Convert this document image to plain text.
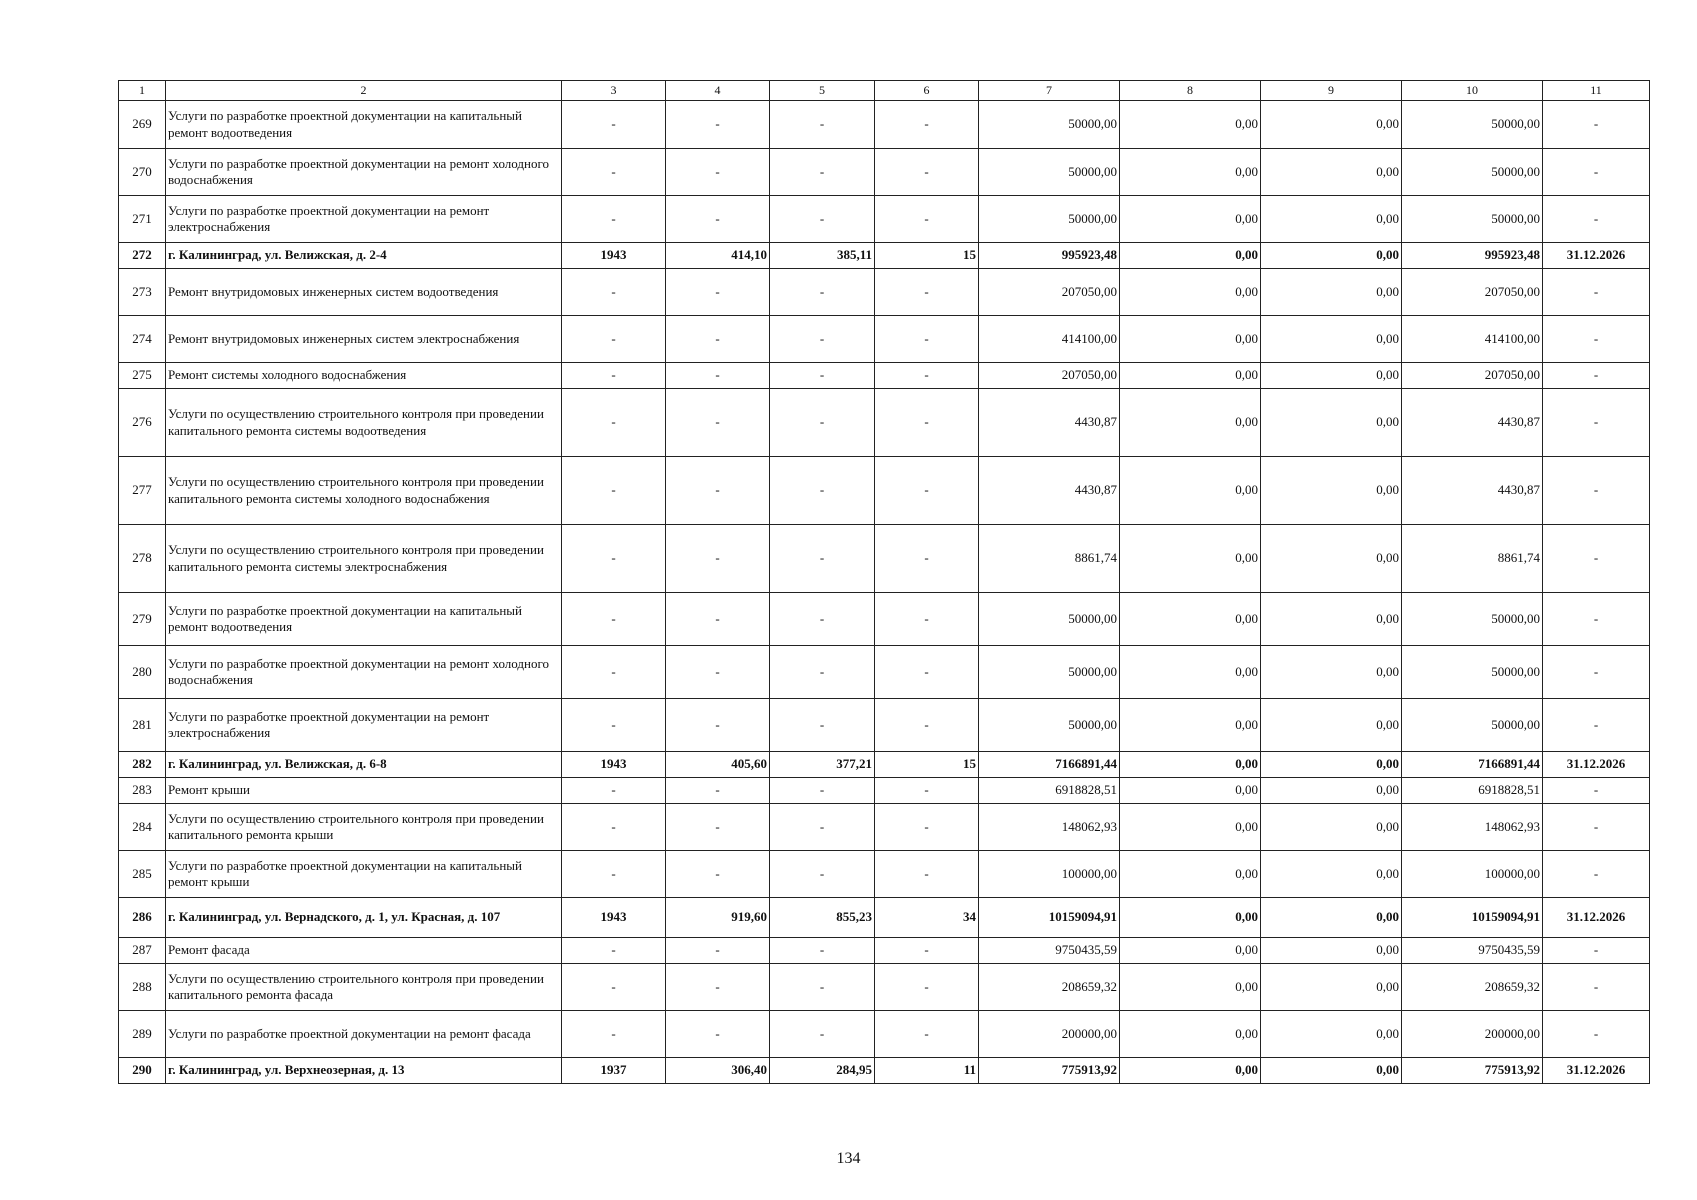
1	2	3	4	5	6	7	8	9	10	11
269	Услуги по разработке проектной документации на капитальный ремонт водоотведения	-	-	-	-	50000,00	0,00	0,00	50000,00	-
270	Услуги по разработке проектной документации на ремонт холодного водоснабжения	-	-	-	-	50000,00	0,00	0,00	50000,00	-
271	Услуги по разработке проектной документации на ремонт электроснабжения	-	-	-	-	50000,00	0,00	0,00	50000,00	-
272	г. Калининград, ул. Велижская, д. 2-4	1943	414,10	385,11	15	995923,48	0,00	0,00	995923,48	31.12.2026
273	Ремонт внутридомовых инженерных систем водоотведения	-	-	-	-	207050,00	0,00	0,00	207050,00	-
274	Ремонт внутридомовых инженерных систем электроснабжения	-	-	-	-	414100,00	0,00	0,00	414100,00	-
275	Ремонт системы холодного водоснабжения	-	-	-	-	207050,00	0,00	0,00	207050,00	-
276	Услуги по осуществлению строительного контроля при проведении капитального ремонта системы водоотведения	-	-	-	-	4430,87	0,00	0,00	4430,87	-
277	Услуги по осуществлению строительного контроля при проведении капитального ремонта системы холодного водоснабжения	-	-	-	-	4430,87	0,00	0,00	4430,87	-
278	Услуги по осуществлению строительного контроля при проведении капитального ремонта системы электроснабжения	-	-	-	-	8861,74	0,00	0,00	8861,74	-
279	Услуги по разработке проектной документации на капитальный ремонт водоотведения	-	-	-	-	50000,00	0,00	0,00	50000,00	-
280	Услуги по разработке проектной документации на ремонт холодного водоснабжения	-	-	-	-	50000,00	0,00	0,00	50000,00	-
281	Услуги по разработке проектной документации на ремонт электроснабжения	-	-	-	-	50000,00	0,00	0,00	50000,00	-
282	г. Калининград, ул. Велижская, д. 6-8	1943	405,60	377,21	15	7166891,44	0,00	0,00	7166891,44	31.12.2026
283	Ремонт крыши	-	-	-	-	6918828,51	0,00	0,00	6918828,51	-
284	Услуги по осуществлению строительного контроля при проведении капитального ремонта крыши	-	-	-	-	148062,93	0,00	0,00	148062,93	-
285	Услуги по разработке проектной документации на капитальный ремонт крыши	-	-	-	-	100000,00	0,00	0,00	100000,00	-
286	г. Калининград, ул. Вернадского, д. 1, ул. Красная, д. 107	1943	919,60	855,23	34	10159094,91	0,00	0,00	10159094,91	31.12.2026
287	Ремонт фасада	-	-	-	-	9750435,59	0,00	0,00	9750435,59	-
288	Услуги по осуществлению строительного контроля при проведении капитального ремонта фасада	-	-	-	-	208659,32	0,00	0,00	208659,32	-
289	Услуги по разработке проектной документации на ремонт фасада	-	-	-	-	200000,00	0,00	0,00	200000,00	-
290	г. Калининград, ул. Верхнеозерная, д. 13	1937	306,40	284,95	11	775913,92	0,00	0,00	775913,92	31.12.2026
134
